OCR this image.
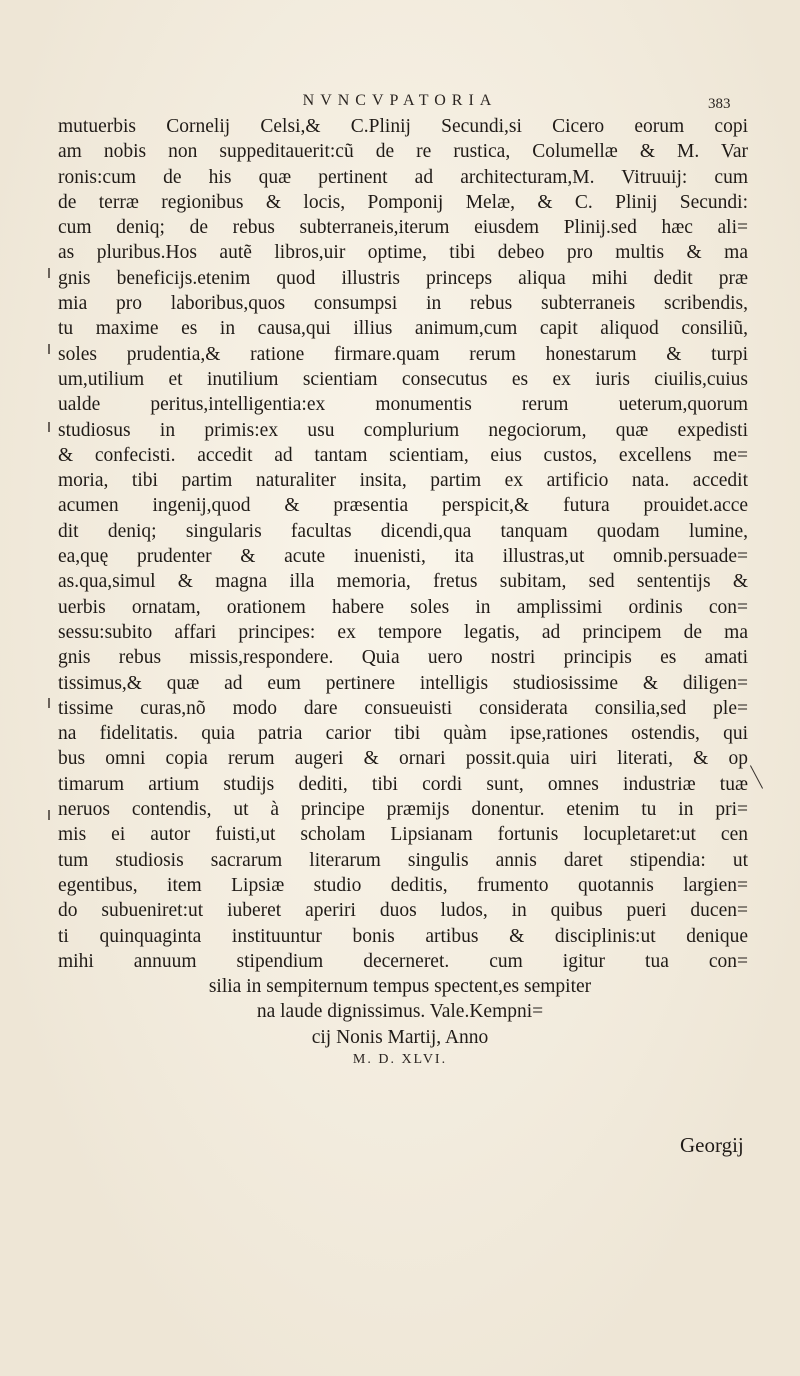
NVNCVPATORIA	383
mutuerbis Cornelij Celsi,& C.Plinij Secundi,si Cicero eorum copi
am nobis non suppeditauerit:cũ de re rustica, Columellæ & M. Var
ronis:cum de his quæ pertinent ad architecturam,M. Vitruuij: cum
de terræ regionibus & locis, Pomponij Melæ, & C. Plinij Secundi:
cum deniq; de rebus subterraneis,iterum eiusdem Plinij.sed hæc ali=
as pluribus.Hos autẽ libros,uir optime, tibi debeo pro multis & ma
gnis beneficijs.etenim quod illustris princeps aliqua mihi dedit præ
mia pro laboribus,quos consumpsi in rebus subterraneis scribendis,
tu maxime es in causa,qui illius animum,cum capit aliquod consiliũ,
soles prudentia,& ratione firmare.quam rerum honestarum & turpi
um,utilium et inutilium scientiam consecutus es ex iuris ciuilis,cuius
ualde peritus,intelligentia:ex monumentis rerum ueterum,quorum
studiosus in primis:ex usu complurium negociorum, quæ expedisti
& confecisti. accedit ad tantam scientiam, eius custos, excellens me=
moria, tibi partim naturaliter insita, partim ex artificio nata. accedit
acumen ingenij,quod & præsentia perspicit,& futura prouidet.acce
dit deniq; singularis facultas dicendi,qua tanquam quodam lumine,
ea,quę prudenter & acute inuenisti, ita illustras,ut omnib.persuade=
as.qua,simul & magna illa memoria, fretus subitam, sed sententijs &
uerbis ornatam, orationem habere soles in amplissimi ordinis con=
sessu:subito affari principes: ex tempore legatis, ad principem de ma
gnis rebus missis,respondere. Quia uero nostri principis es amati
tissimus,& quæ ad eum pertinere intelligis studiosissime & diligen=
tissime curas,nõ modo dare consueuisti considerata consilia,sed ple=
na fidelitatis. quia patria carior tibi quàm ipse,rationes ostendis, qui
bus omni copia rerum augeri & ornari possit.quia uiri literati, & op
timarum artium studijs dediti, tibi cordi sunt, omnes industriæ tuæ
neruos contendis, ut à principe præmijs donentur. etenim tu in pri=
mis ei autor fuisti,ut scholam Lipsianam fortunis locupletaret:ut cen
tum studiosis sacrarum literarum singulis annis daret stipendia: ut
egentibus, item Lipsiæ studio deditis, frumento quotannis largien=
do subueniret:ut iuberet aperiri duos ludos, in quibus pueri ducen=
ti quinquaginta instituuntur bonis artibus & disciplinis:ut denique
mihi annuum stipendium decerneret. cum igitur tua con=
silia in sempiternum tempus spectent,es sempiter
na laude dignissimus. Vale.Kempni=
cij Nonis Martij, Anno
M. D. XLVI.
Georgij
